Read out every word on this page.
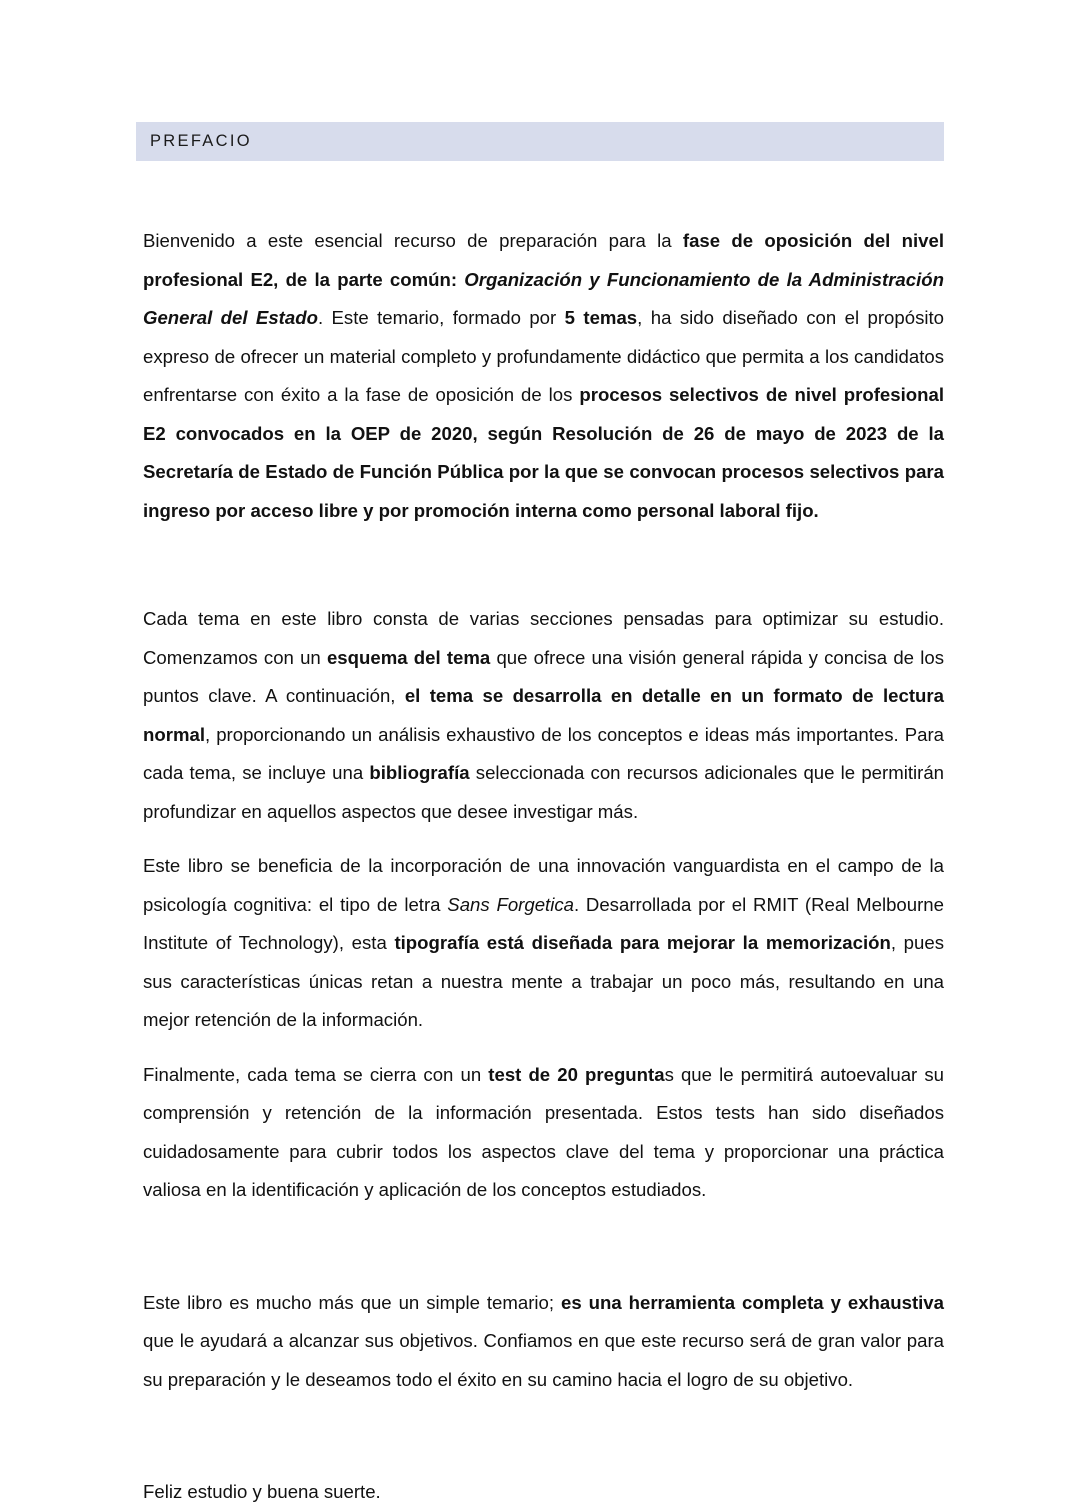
PREFACIO

Bienvenido a este esencial recurso de preparación para la fase de oposición del nivel profesional E2, de la parte común: Organización y Funcionamiento de la Administración General del Estado. Este temario, formado por 5 temas, ha sido diseñado con el propósito expreso de ofrecer un material completo y profundamente didáctico que permita a los candidatos enfrentarse con éxito a la fase de oposición de los procesos selectivos de nivel profesional E2 convocados en la OEP de 2020, según Resolución de 26 de mayo de 2023 de la Secretaría de Estado de Función Pública por la que se convocan procesos selectivos para ingreso por acceso libre y por promoción interna como personal laboral fijo.

Cada tema en este libro consta de varias secciones pensadas para optimizar su estudio. Comenzamos con un esquema del tema que ofrece una visión general rápida y concisa de los puntos clave. A continuación, el tema se desarrolla en detalle en un formato de lectura normal, proporcionando un análisis exhaustivo de los conceptos e ideas más importantes. Para cada tema, se incluye una bibliografía seleccionada con recursos adicionales que le permitirán profundizar en aquellos aspectos que desee investigar más.

Este libro se beneficia de la incorporación de una innovación vanguardista en el campo de la psicología cognitiva: el tipo de letra Sans Forgetica. Desarrollada por el RMIT (Real Melbourne Institute of Technology), esta tipografía está diseñada para mejorar la memorización, pues sus características únicas retan a nuestra mente a trabajar un poco más, resultando en una mejor retención de la información.

Finalmente, cada tema se cierra con un test de 20 preguntas que le permitirá autoevaluar su comprensión y retención de la información presentada. Estos tests han sido diseñados cuidadosamente para cubrir todos los aspectos clave del tema y proporcionar una práctica valiosa en la identificación y aplicación de los conceptos estudiados.

Este libro es mucho más que un simple temario; es una herramienta completa y exhaustiva que le ayudará a alcanzar sus objetivos. Confiamos en que este recurso será de gran valor para su preparación y le deseamos todo el éxito en su camino hacia el logro de su objetivo.

Feliz estudio y buena suerte.
